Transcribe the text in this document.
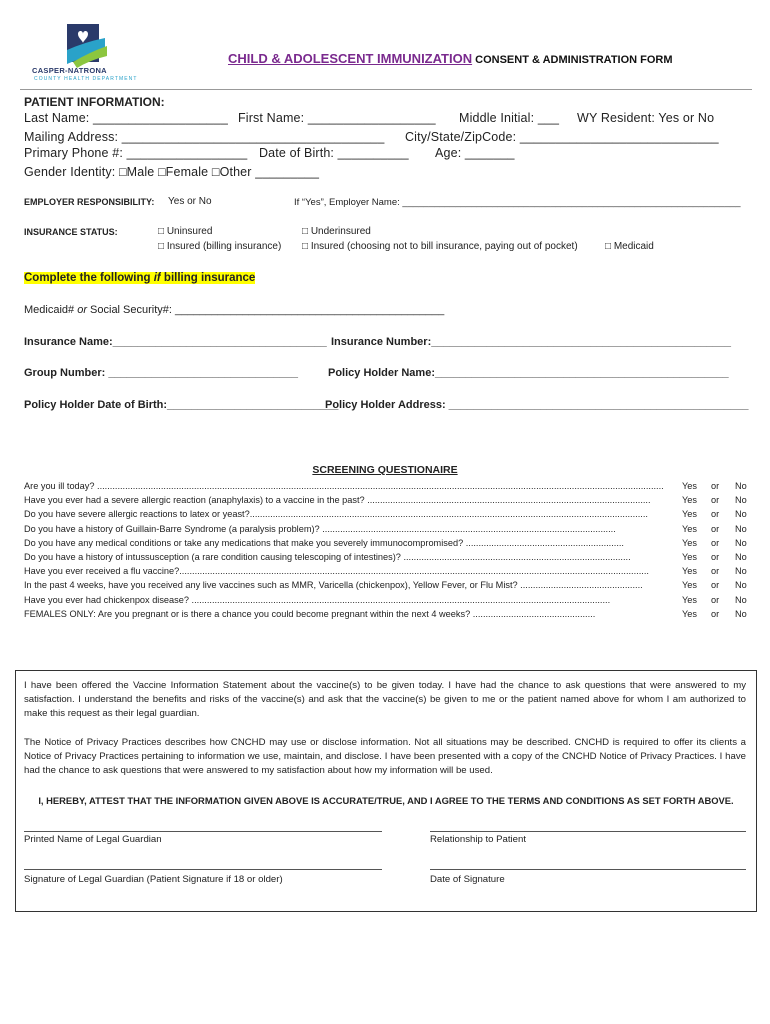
CASPER-NATRONA
COUNTY HEALTH DEPARTMENT
CHILD & ADOLESCENT IMMUNIZATION CONSENT & ADMINISTRATION FORM
PATIENT INFORMATION:
Last Name: ___________________ First Name: __________________ Middle Initial: ___ WY Resident: Yes or No
Mailing Address: _____________________________________ City/State/ZipCode: ____________________________
Primary Phone #: _________________ Date of Birth: __________ Age: _______
Gender Identity: □Male □Female □Other _________
EMPLOYER RESPONSIBILITY: Yes or No	If “Yes”, Employer Name: ________________________________________________________________
INSURANCE STATUS:	□ Uninsured	□ Underinsured
□ Insured (billing insurance) □ Insured (choosing not to bill insurance, paying out of pocket)	□ Medicaid
Complete the following if billing insurance
Medicaid# or Social Security#: ____________________________________________
Insurance Name:___________________________________ Insurance Number:_________________________________________________
Group Number: _______________________________	Policy Holder Name:________________________________________________
Policy Holder Date of Birth:____________________________
Policy Holder Address: _________________________________________________
SCREENING QUESTIONAIRE
Are you ill today? ..............................................................................................................................................................................................................................	Yes or No
Have you ever had a severe allergic reaction (anaphylaxis) to a vaccine in the past? ...............................................................................................................	Yes or No
Do you have severe allergic reactions to latex or yeast?............................................................................................................................................................	Yes or No
Do you have a history of Guillain-Barre Syndrome (a paralysis problem)? ...................................................................................................................	Yes or No
Do you have any medical conditions or take any medications that make you severely immunocompromised? ..............................................................	Yes or No
Do you have a history of intussusception (a rare condition causing telescoping of intestines)? .........................................................................................	Yes or No
Have you ever received a flu vaccine?........................................................................................................................................................................................	Yes or No
In the past 4 weeks, have you received any live vaccines such as MMR, Varicella (chickenpox), Yellow Fever, or Flu Mist? ................................................	Yes or No
Have you ever had chickenpox disease? ....................................................................................................................................................................	Yes or No
FEMALES ONLY: Are you pregnant or is there a chance you could become pregnant within the next 4 weeks? ................................................	Yes or No
I have been offered the Vaccine Information Statement about the vaccine(s) to be given today. I have had the chance to ask questions that were answered to my satisfaction. I understand the benefits and risks of the vaccine(s) and ask that the vaccine(s) be given to me or the patient named above for whom I am authorized to make this request as their legal guardian.
The Notice of Privacy Practices describes how CNCHD may use or disclose information. Not all situations may be described. CNCHD is required to offer its clients a Notice of Privacy Practices pertaining to information we use, maintain, and disclose. I have been presented with a copy of the CNCHD Notice of Privacy Practices. I have had the chance to ask questions that were answered to my satisfaction about how my information will be used.
I, HEREBY, ATTEST THAT THE INFORMATION GIVEN ABOVE IS ACCURATE/TRUE, AND I AGREE TO THE TERMS AND CONDITIONS AS SET FORTH ABOVE.
Printed Name of Legal Guardian	Relationship to Patient
Signature of Legal Guardian (Patient Signature if 18 or older)	Date of Signature
